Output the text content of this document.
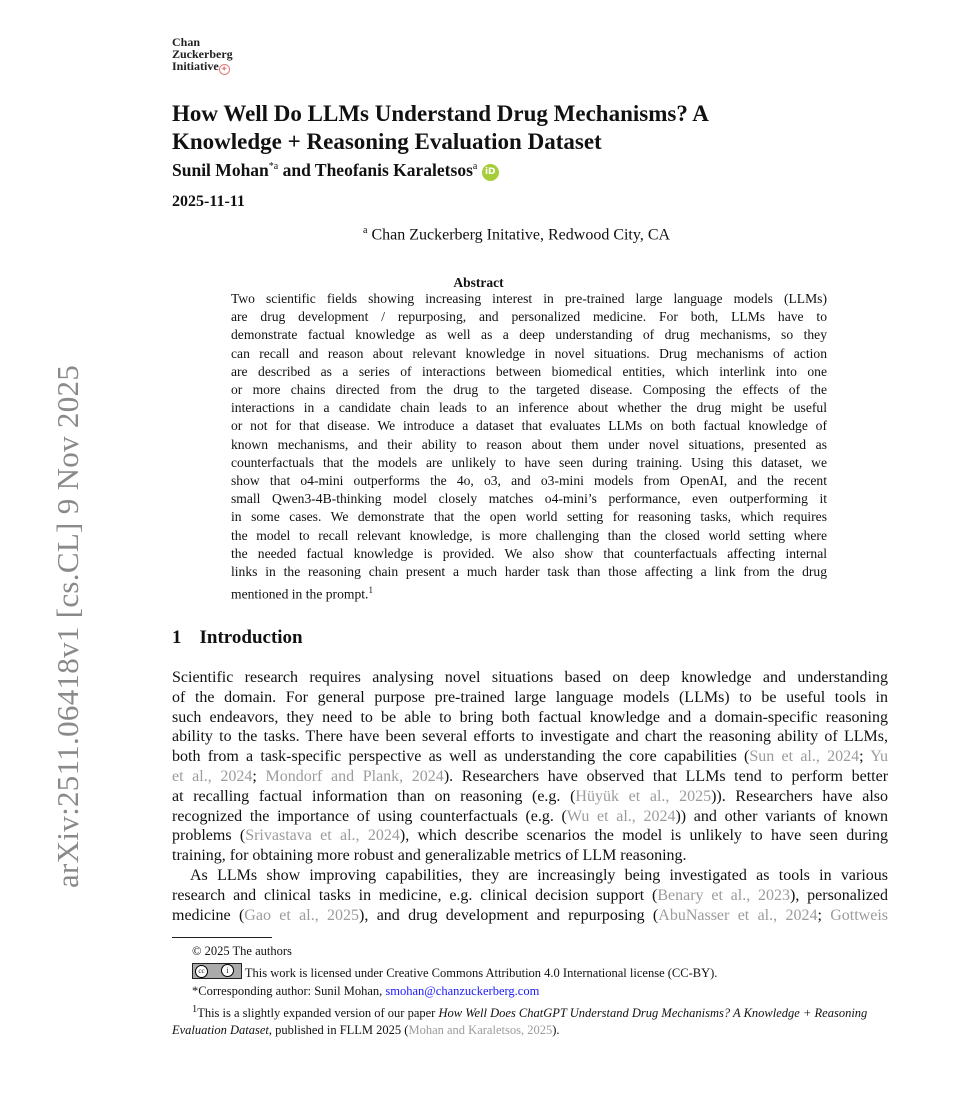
arXiv:2511.06418v1 [cs.CL] 9 Nov 2025
Chan
Zuckerberg
Initiative ✦
How Well Do LLMs Understand Drug Mechanisms? A
Knowledge + Reasoning Evaluation Dataset
Sunil Mohan$^{*a}$ and Theofanis Karaletsos$^a$ iD
2025-11-11
$^a$ Chan Zuckerberg Initative, Redwood City, CA
Abstract
Two scientific fields showing increasing interest in pre-trained large language models (LLMs)
are drug development / repurposing, and personalized medicine. For both, LLMs have to
demonstrate factual knowledge as well as a deep understanding of drug mechanisms, so they
can recall and reason about relevant knowledge in novel situations. Drug mechanisms of action
are described as a series of interactions between biomedical entities, which interlink into one
or more chains directed from the drug to the targeted disease. Composing the effects of the
interactions in a candidate chain leads to an inference about whether the drug might be useful
or not for that disease. We introduce a dataset that evaluates LLMs on both factual knowledge of
known mechanisms, and their ability to reason about them under novel situations, presented as
counterfactuals that the models are unlikely to have seen during training. Using this dataset, we
show that o4-mini outperforms the 4o, o3, and o3-mini models from OpenAI, and the recent
small Qwen3-4B-thinking model closely matches o4-mini’s performance, even outperforming it
in some cases. We demonstrate that the open world setting for reasoning tasks, which requires
the model to recall relevant knowledge, is more challenging than the closed world setting where
the needed factual knowledge is provided. We also show that counterfactuals affecting internal
links in the reasoning chain present a much harder task than those affecting a link from the drug
mentioned in the prompt.$^1$
1 Introduction
Scientific research requires analysing novel situations based on deep knowledge and understanding
of the domain. For general purpose pre-trained large language models (LLMs) to be useful tools in
such endeavors, they need to be able to bring both factual knowledge and a domain-specific reasoning
ability to the tasks. There have been several efforts to investigate and chart the reasoning ability of LLMs,
both from a task-specific perspective as well as understanding the core capabilities (Sun et al., 2024; Yu
et al., 2024; Mondorf and Plank, 2024). Researchers have observed that LLMs tend to perform better
at recalling factual information than on reasoning (e.g. (Hüyük et al., 2025)). Researchers have also
recognized the importance of using counterfactuals (e.g. (Wu et al., 2024)) and other variants of known
problems (Srivastava et al., 2024), which describe scenarios the model is unlikely to have seen during
training, for obtaining more robust and generalizable metrics of LLM reasoning.
As LLMs show improving capabilities, they are increasingly being investigated as tools in various
research and clinical tasks in medicine, e.g. clinical decision support (Benary et al., 2023), personalized
medicine (Gao et al., 2025), and drug development and repurposing (AbuNasser et al., 2024; Gottweis
© 2025 The authors
cc i This work is licensed under Creative Commons Attribution 4.0 International license (CC-BY).
*Corresponding author: Sunil Mohan, smohan@chanzuckerberg.com
$^1$This is a slightly expanded version of our paper How Well Does ChatGPT Understand Drug Mechanisms? A Knowledge + Reasoning Evaluation Dataset, published in FLLM 2025 (Mohan and Karaletsos, 2025).
